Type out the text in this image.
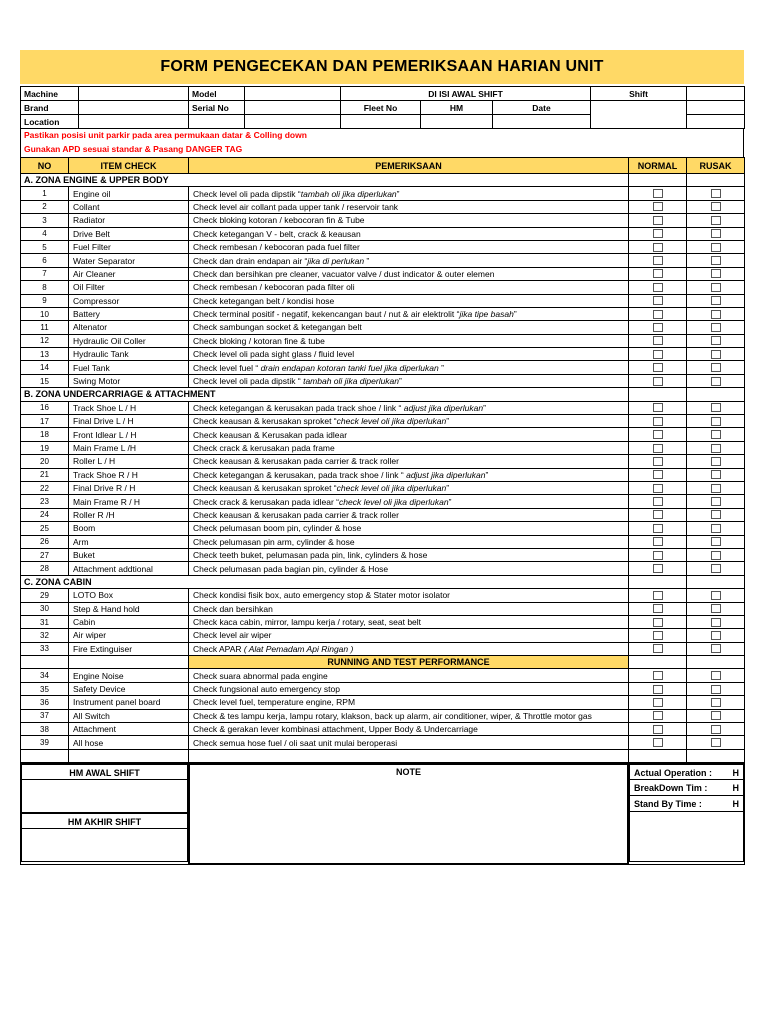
FORM PENGECEKAN DAN PEMERIKSAAN HARIAN UNIT
Machine		Model		DI ISI AWAL SHIFT			Shift	
Brand		Serial No		Fleet No	HM	Date		
Location								
Pastikan posisi unit parkir pada area permukaan datar & Colling down
Gunakan APD sesuai standar & Pasang DANGER TAG
NO	ITEM CHECK	PEMERIKSAAN	NORMAL	RUSAK
A. ZONA ENGINE & UPPER BODY				
1	Engine oil	Check level oli pada dipstik “tambah oli jika diperlukan”	

2	Collant	Check level air collant pada upper tank / reservoir tank	

3	Radiator	Check bloking kotoran / kebocoran fin & Tube	

4	Drive Belt	Check ketegangan V - belt, crack & keausan	

5	Fuel Filter	Check rembesan / kebocoran pada fuel filter	

6	Water Separator	Check dan drain endapan air “jika di perlukan ”	

7	Air Cleaner	Check dan bersihkan pre cleaner, vacuator valve / dust indicator & outer elemen	

8	Oil Filter	Check rembesan / kebocoran pada filter oli	

9	Compressor	Check ketegangan belt / kondisi hose	

10	Battery	Check terminal positif - negatif, kekencangan baut / nut & air elektrolit “jika tipe basah”	

11	Altenator	Check sambungan socket & ketegangan belt	

12	Hydraulic Oil Coller	Check bloking / kotoran fine & tube	

13	Hydraulic Tank	Check level oli pada sight glass / fluid level	

14	Fuel Tank	Check level fuel “ drain endapan kotoran tanki fuel jika diperlukan ”	

15	Swing Motor	Check level oli pada dipstik “ tambah oli jika diperlukan”	

B. ZONA UNDERCARRIAGE & ATTACHMENT				
16	Track Shoe L / H	Check ketegangan & kerusakan pada track shoe / link “ adjust jika diperlukan”	

17	Final Drive L / H	Check keausan & kerusakan sproket “check level oli jika diperlukan”	

18	Front Idlear L / H	Check keausan & Kerusakan pada idlear	

19	Main Frame L /H	Check crack & kerusakan pada frame	

20	Roller L / H	Check keausan & kerusakan pada carrier & track roller	

21	Track Shoe R / H	Check ketegangan & kerusakan, pada track shoe / link “ adjust jika diperlukan”	

22	Final Drive R / H	Check keausan & kerusakan sproket “check level oli jika diperlukan”	

23	Main Frame R / H	Check crack & kerusakan pada idlear “check level oli jika diperlukan”	

24	Roller R /H	Check keausan & kerusakan pada carrier & track roller	

25	Boom	Check pelumasan boom pin, cylinder & hose	

26	Arm	Check pelumasan pin arm, cylinder & hose	

27	Buket	Check teeth buket, pelumasan pada pin, link, cylinders & hose	

28	Attachment addtional	Check pelumasan pada bagian pin, cylinder & Hose	

C. ZONA CABIN				
29	LOTO Box	Check kondisi fisik box, auto emergency stop & Stater motor isolator	

30	Step & Hand hold	Check dan bersihkan	

31	Cabin	Check kaca cabin, mirror, lampu kerja / rotary, seat, seat belt	

32	Air wiper	Check level air wiper	

33	Fire Extinguiser	Check APAR ( Alat Pemadam Api Ringan )	

		RUNNING AND TEST PERFORMANCE		
34	Engine Noise	Check suara abnormal pada engine	

35	Safety Device	Check fungsional auto emergency stop	

36	Instrument panel board	Check level fuel, temperature engine, RPM	

37	All Switch	Check & tes lampu kerja, lampu rotary, klakson, back up alarm, air conditioner, wiper, & Throttle motor gas	

38	Attachment	Check & gerakan lever kombinasi attachment, Upper Body & Undercarriage	

39	All hose	Check semua hose fuel / oli saat unit mulai beroperasi	

HM AWAL SHIFT
HM AKHIR SHIFT

NOTE	Actual Operation : H
BreakDown Tim :	H
Stand By Time :	H
